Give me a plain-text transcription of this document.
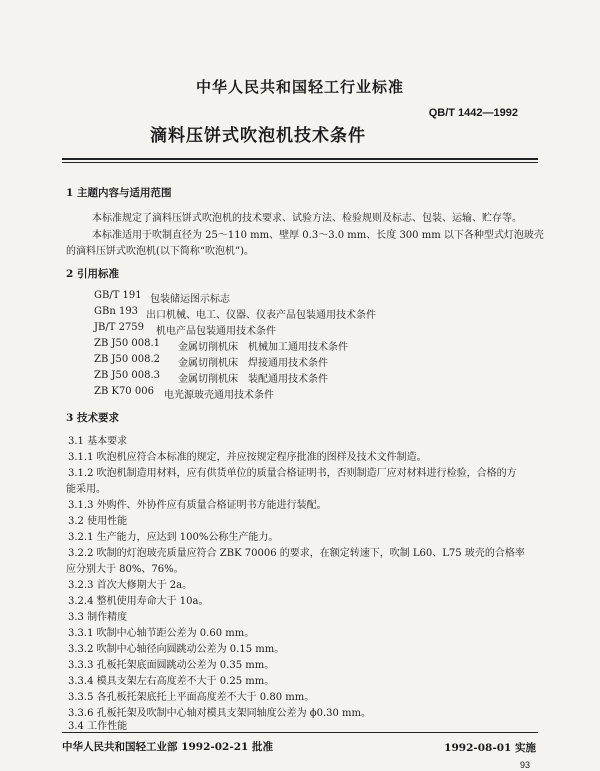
中华人民共和国轻工行业标准
QB/T 1442—1992
滴料压饼式吹泡机技术条件
1 主题内容与适用范围
本标准规定了滴料压饼式吹泡机的技术要求、试验方法、检验规则及标志、包装、运输、贮存等。
本标准适用于吹制直径为 25～110 mm、壁厚 0.3～3.0 mm、长度 300 mm 以下各种型式灯泡玻壳
的滴料压饼式吹泡机(以下简称“吹泡机”)。
2 引用标准
GB/T 191 包装储运图示标志
GBn 193 出口机械、电工、仪器、仪表产品包装通用技术条件
JB/T 2759 机电产品包装通用技术条件
ZB J50 008.1 金属切削机床　机械加工通用技术条件
ZB J50 008.2 金属切削机床　焊接通用技术条件
ZB J50 008.3 金属切削机床　装配通用技术条件
ZB K70 006 电光源玻壳通用技术条件
3 技术要求
3.1 基本要求
3.1.1 吹泡机应符合本标准的规定，并应按规定程序批准的图样及技术文件制造。
3.1.2 吹泡机制造用材料，应有供货单位的质量合格证明书，否则制造厂应对材料进行检验，合格的方
能采用。
3.1.3 外购件、外协件应有质量合格证明书方能进行装配。
3.2 使用性能
3.2.1 生产能力，应达到 100%公称生产能力。
3.2.2 吹制的灯泡玻壳质量应符合 ZBK 70006 的要求，在额定转速下，吹制 L60、L75 玻壳的合格率
应分别大于 80%、76%。
3.2.3 首次大修期大于 2a。
3.2.4 整机使用寿命大于 10a。
3.3 制作精度
3.3.1 吹制中心轴节距公差为 0.60 mm。
3.3.2 吹制中心轴径向圆跳动公差为 0.15 mm。
3.3.3 孔板托架底面圆跳动公差为 0.35 mm。
3.3.4 模具支架左右高度差不大于 0.25 mm。
3.3.5 各孔板托架底托上平面高度差不大于 0.80 mm。
3.3.6 孔板托架及吹制中心轴对模具支架同轴度公差为 ϕ0.30 mm。
3.4 工作性能
中华人民共和国轻工业部 1992-02-21 批准	1992-08-01 实施
93
